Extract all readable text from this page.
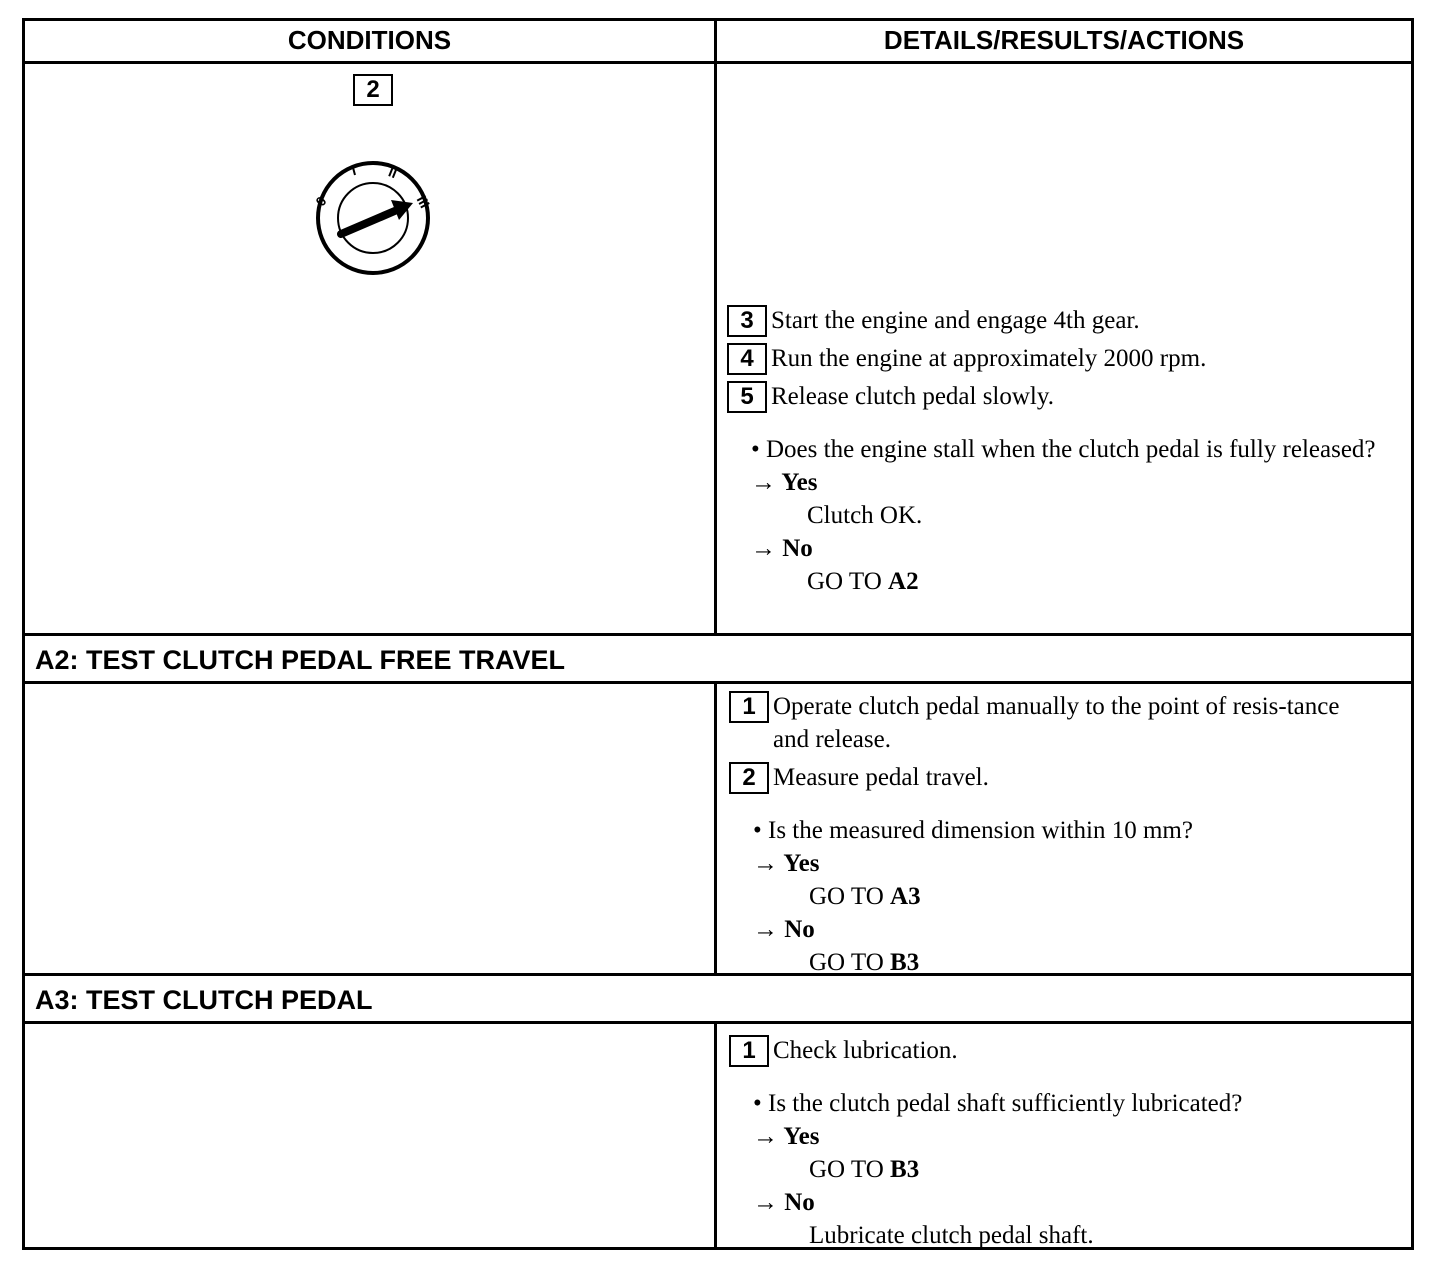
CONDITIONS	DETAILS/RESULTS/ACTIONS
2
0
I II
III
3 Start the engine and engage 4th gear.
4 Run the engine at approximately 2000 rpm.
5 Release clutch pedal slowly.
• Does the engine stall when the clutch pedal is fully released?
→ Yes
Clutch OK.
→ No
GO TO A2
A2: TEST CLUTCH PEDAL FREE TRAVEL
1 Operate clutch pedal manually to the point of resis-tance and release.
2 Measure pedal travel.
• Is the measured dimension within 10 mm?
→ Yes
GO TO A3
→ No
GO TO B3
A3: TEST CLUTCH PEDAL
1 Check lubrication.
• Is the clutch pedal shaft sufficiently lubricated?
→ Yes
GO TO B3
→ No
Lubricate clutch pedal shaft.
